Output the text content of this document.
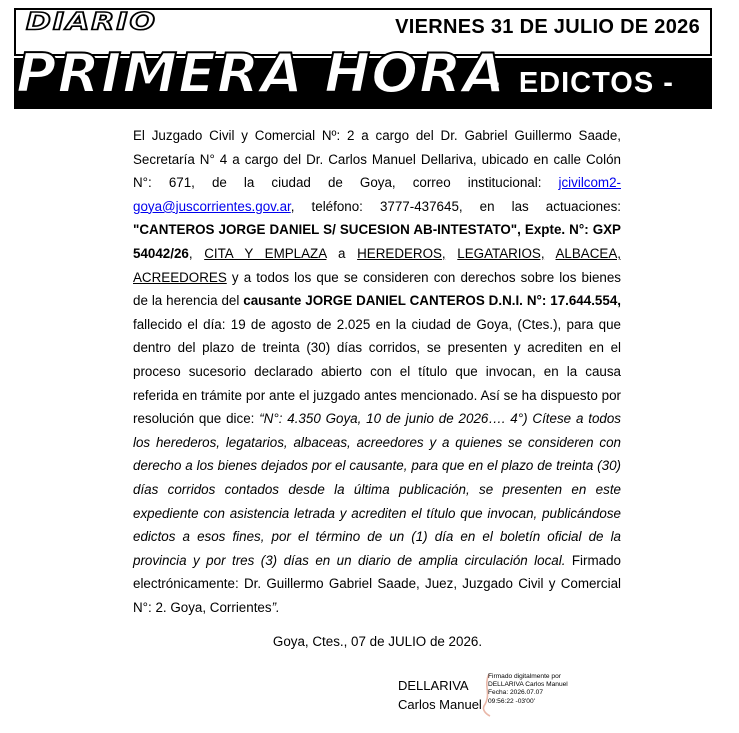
DIARIO	VIERNES 31 DE JULIO DE 2026
PRIMERA HORA
-  EDICTOS -

El Juzgado Civil y Comercial Nº: 2 a cargo del Dr. Gabriel Guillermo Saade, Secretaría N° 4 a cargo del Dr. Carlos Manuel Dellariva, ubicado en calle Colón N°: 671, de la ciudad de Goya, correo institucional: jcivilcom2-goya@juscorrientes.gov.ar, teléfono: 3777-437645, en las actuaciones: "CANTEROS JORGE DANIEL S/ SUCESION AB-INTESTATO", Expte. N°: GXP 54042/26, CITA Y EMPLAZA a HEREDEROS, LEGATARIOS, ALBACEA, ACREEDORES y a todos los que se consideren con derechos sobre los bienes de la herencia del causante JORGE DANIEL CANTEROS D.N.I. N°: 17.644.554, fallecido el día: 19 de agosto de 2.025 en la ciudad de Goya, (Ctes.), para que dentro del plazo de treinta (30) días corridos, se presenten y acrediten en el proceso sucesorio declarado abierto con el título que invocan, en la causa referida en trámite por ante el juzgado antes mencionado. Así se ha dispuesto por resolución que dice: “N°: 4.350 Goya, 10 de junio de 2026…. 4°) Cítese a todos los herederos, legatarios, albaceas, acreedores y a quienes se consideren con derecho a los bienes dejados por el causante, para que en el plazo de treinta (30) días corridos contados desde la última publicación, se presenten en este expediente con asistencia letrada y acrediten el título que invocan, publicándose edictos a esos fines, por el término de un (1) día en el boletín oficial de la provincia y por tres (3) días en un diario de amplia circulación local. Firmado electrónicamente: Dr. Guillermo Gabriel Saade, Juez, Juzgado Civil y Comercial N°: 2. Goya, Corrientes”.

Goya, Ctes., 07 de JULIO de 2026.
DELLARIVA
Carlos Manuel
Firmado digitalmente por
DELLARIVA Carlos Manuel
Fecha: 2026.07.07
09:56:22 -03'00'
